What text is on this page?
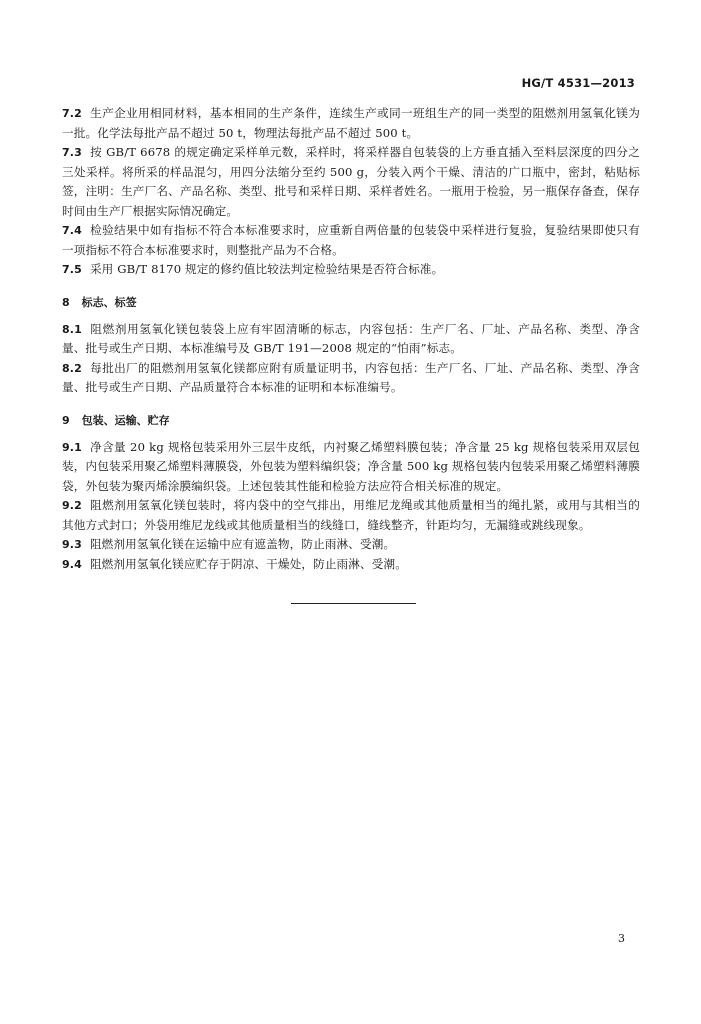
HG/T 4531—2013

7.2 生产企业用相同材料，基本相同的生产条件，连续生产或同一班组生产的同一类型的阻燃剂用氢氧化镁为一批。化学法每批产品不超过 50 t，物理法每批产品不超过 500 t。

7.3 按 GB/T 6678 的规定确定采样单元数，采样时，将采样器自包装袋的上方垂直插入至料层深度的四分之三处采样。将所采的样品混匀，用四分法缩分至约 500 g，分装入两个干燥、清洁的广口瓶中，密封，粘贴标签，注明：生产厂名、产品名称、类型、批号和采样日期、采样者姓名。一瓶用于检验，另一瓶保存备查，保存时间由生产厂根据实际情况确定。

7.4 检验结果中如有指标不符合本标准要求时，应重新自两倍量的包装袋中采样进行复验，复验结果即使只有一项指标不符合本标准要求时，则整批产品为不合格。

7.5 采用 GB/T 8170 规定的修约值比较法判定检验结果是否符合标准。

8 标志、标签

8.1 阻燃剂用氢氧化镁包装袋上应有牢固清晰的标志，内容包括：生产厂名、厂址、产品名称、类型、净含量、批号或生产日期、本标准编号及 GB/T 191—2008 规定的“怕雨”标志。

8.2 每批出厂的阻燃剂用氢氧化镁都应附有质量证明书，内容包括：生产厂名、厂址、产品名称、类型、净含量、批号或生产日期、产品质量符合本标准的证明和本标准编号。

9 包装、运输、贮存

9.1 净含量 20 kg 规格包装采用外三层牛皮纸，内衬聚乙烯塑料膜包装；净含量 25 kg 规格包装采用双层包装，内包装采用聚乙烯塑料薄膜袋，外包装为塑料编织袋；净含量 500 kg 规格包装内包装采用聚乙烯塑料薄膜袋，外包装为聚丙烯涂膜编织袋。上述包装其性能和检验方法应符合相关标准的规定。

9.2 阻燃剂用氢氧化镁包装时，将内袋中的空气排出，用维尼龙绳或其他质量相当的绳扎紧，或用与其相当的其他方式封口；外袋用维尼龙线或其他质量相当的线缝口，缝线整齐，针距均匀，无漏缝或跳线现象。

9.3 阻燃剂用氢氧化镁在运输中应有遮盖物，防止雨淋、受潮。

9.4 阻燃剂用氢氧化镁应贮存于阴凉、干燥处，防止雨淋、受潮。

3
